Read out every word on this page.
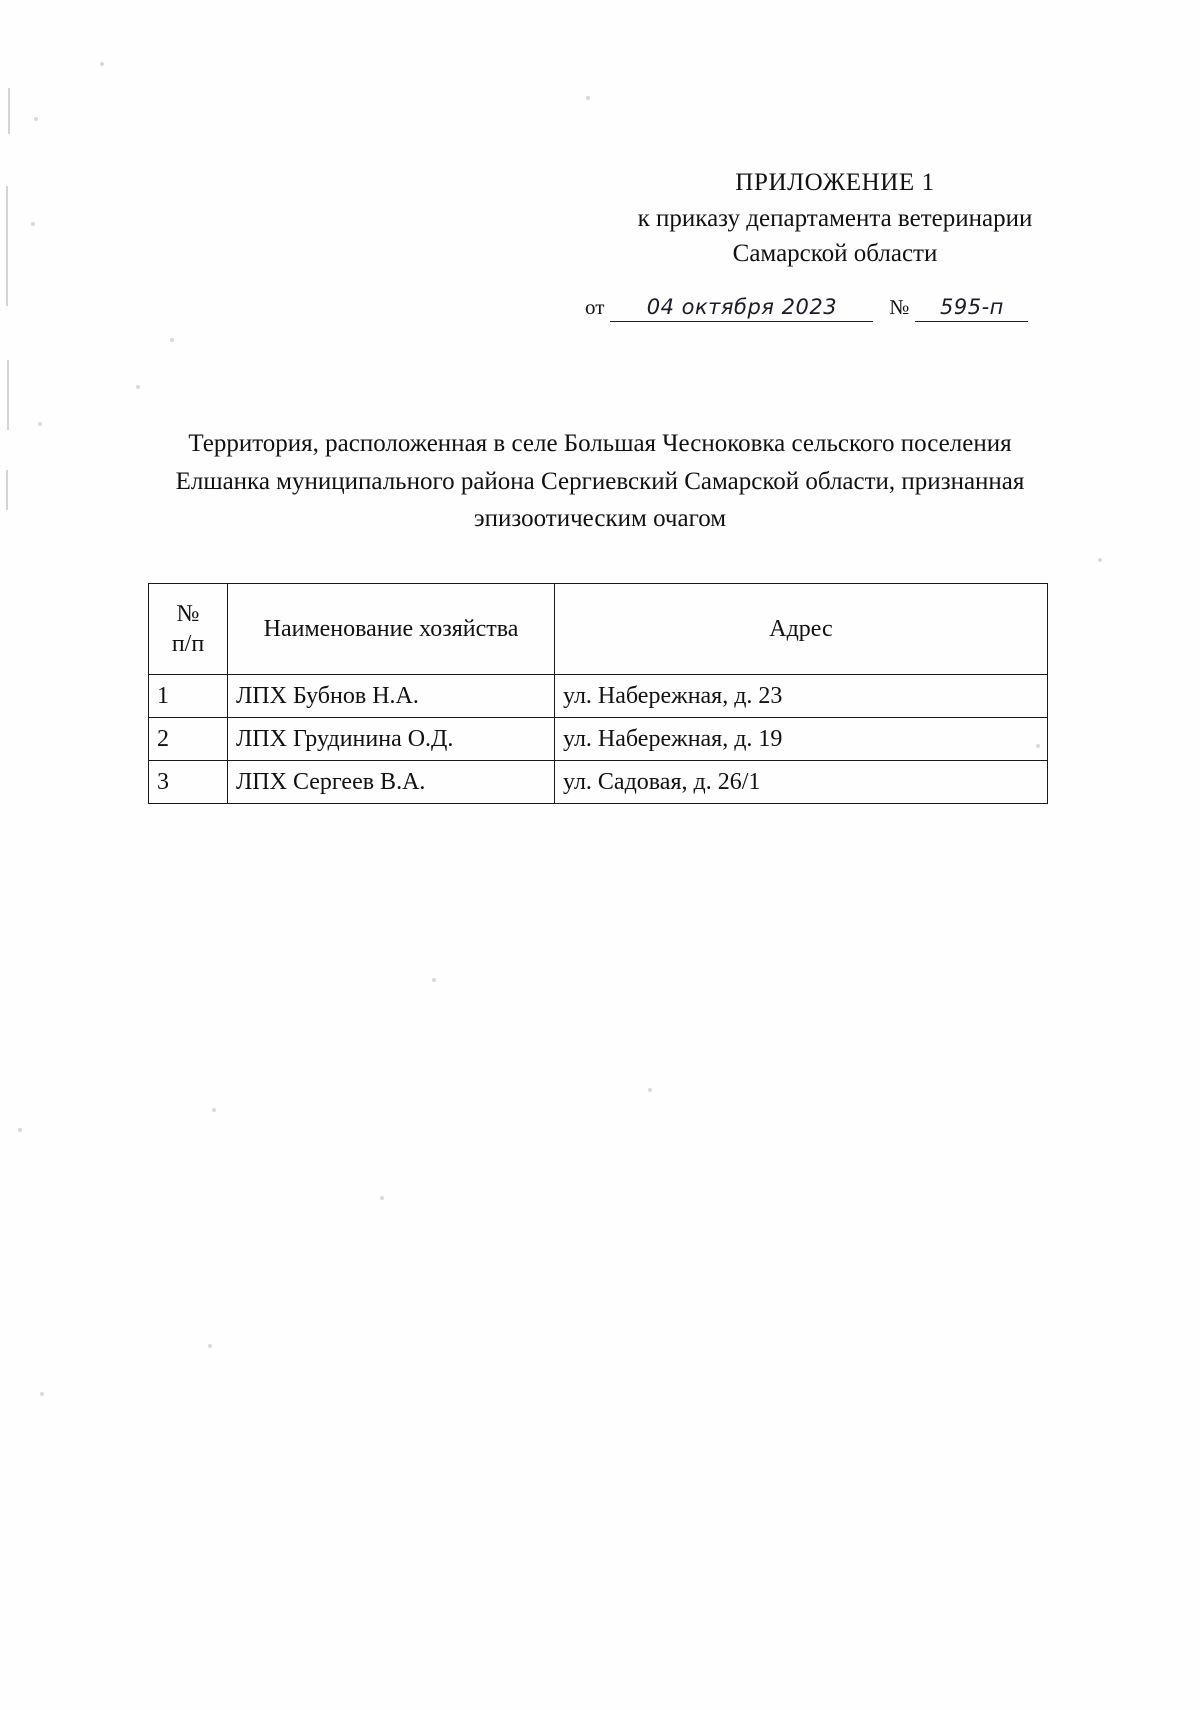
ПРИЛОЖЕНИЕ 1
к приказу департамента ветеринарии
Самарской области
от	04 октября 2023	№	595-п
Территория, расположенная в селе Большая Чесноковка сельского поселения Елшанка муниципального района Сергиевский Самарской области, признанная эпизоотическим очагом
№
п/п	Наименование хозяйства	Адрес
1	ЛПХ Бубнов Н.А.	ул. Набережная, д. 23
2	ЛПХ Грудинина О.Д.	ул. Набережная, д. 19
3	ЛПХ Сергеев В.А.	ул. Садовая, д. 26/1
